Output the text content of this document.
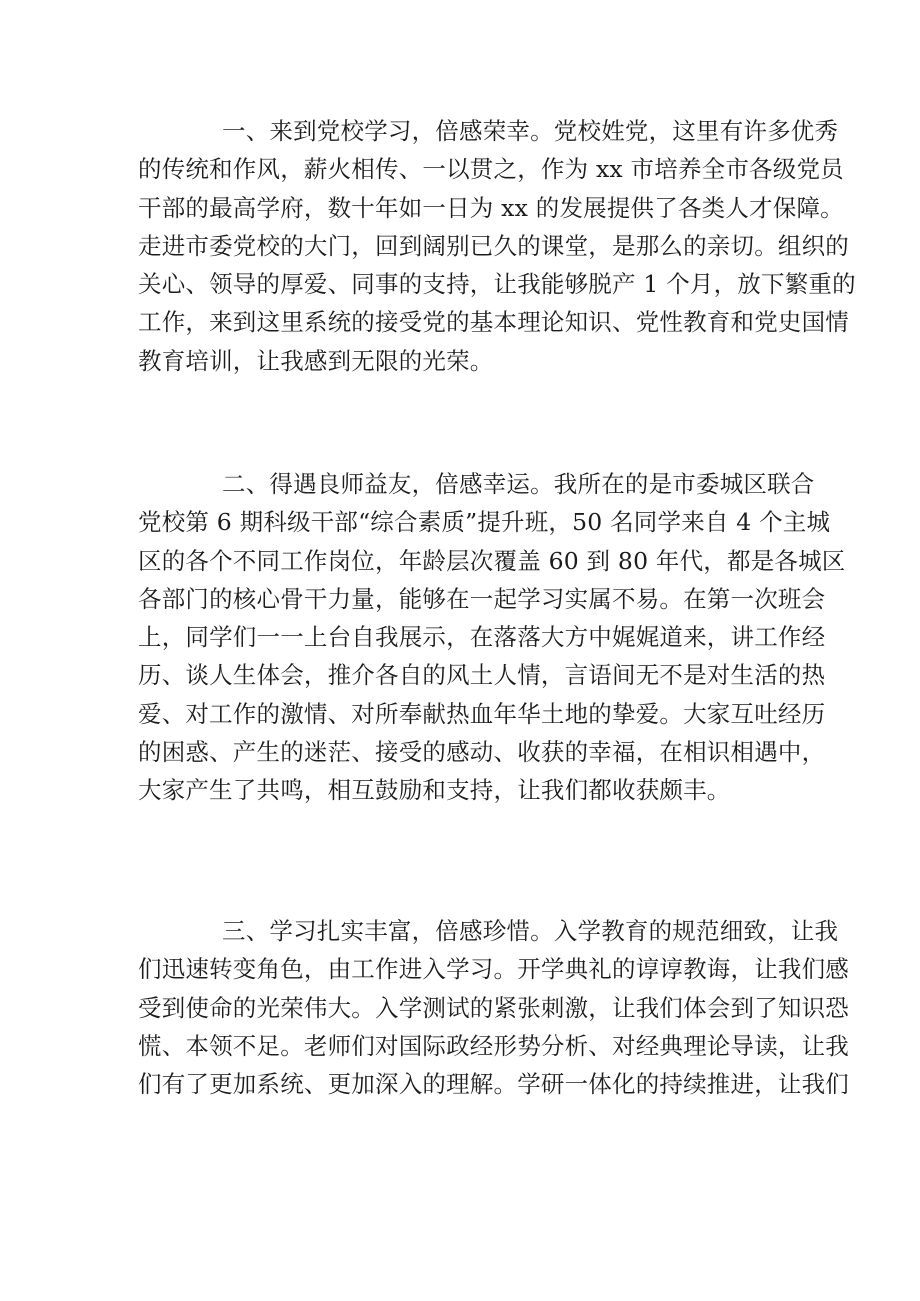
一、来到党校学习，倍感荣幸。党校姓党，这里有许多优秀
的传统和作风，薪火相传、一以贯之，作为 xx 市培养全市各级党员
干部的最高学府，数十年如一日为 xx 的发展提供了各类人才保障。
走进市委党校的大门，回到阔别已久的课堂，是那么的亲切。组织的
关心、领导的厚爱、同事的支持，让我能够脱产 1 个月，放下繁重的
工作，来到这里系统的接受党的基本理论知识、党性教育和党史国情
教育培训，让我感到无限的光荣。
二、得遇良师益友，倍感幸运。我所在的是市委城区联合
党校第 6 期科级干部“综合素质”提升班，50 名同学来自 4 个主城
区的各个不同工作岗位，年龄层次覆盖 60 到 80 年代，都是各城区
各部门的核心骨干力量，能够在一起学习实属不易。在第一次班会
上，同学们一一上台自我展示，在落落大方中娓娓道来，讲工作经
历、谈人生体会，推介各自的风土人情，言语间无不是对生活的热
爱、对工作的激情、对所奉献热血年华土地的挚爱。大家互吐经历
的困惑、产生的迷茫、接受的感动、收获的幸福，在相识相遇中，
大家产生了共鸣，相互鼓励和支持，让我们都收获颇丰。
三、学习扎实丰富，倍感珍惜。入学教育的规范细致，让我
们迅速转变角色，由工作进入学习。开学典礼的谆谆教诲，让我们感
受到使命的光荣伟大。入学测试的紧张刺激，让我们体会到了知识恐
慌、本领不足。老师们对国际政经形势分析、对经典理论导读，让我
们有了更加系统、更加深入的理解。学研一体化的持续推进，让我们
